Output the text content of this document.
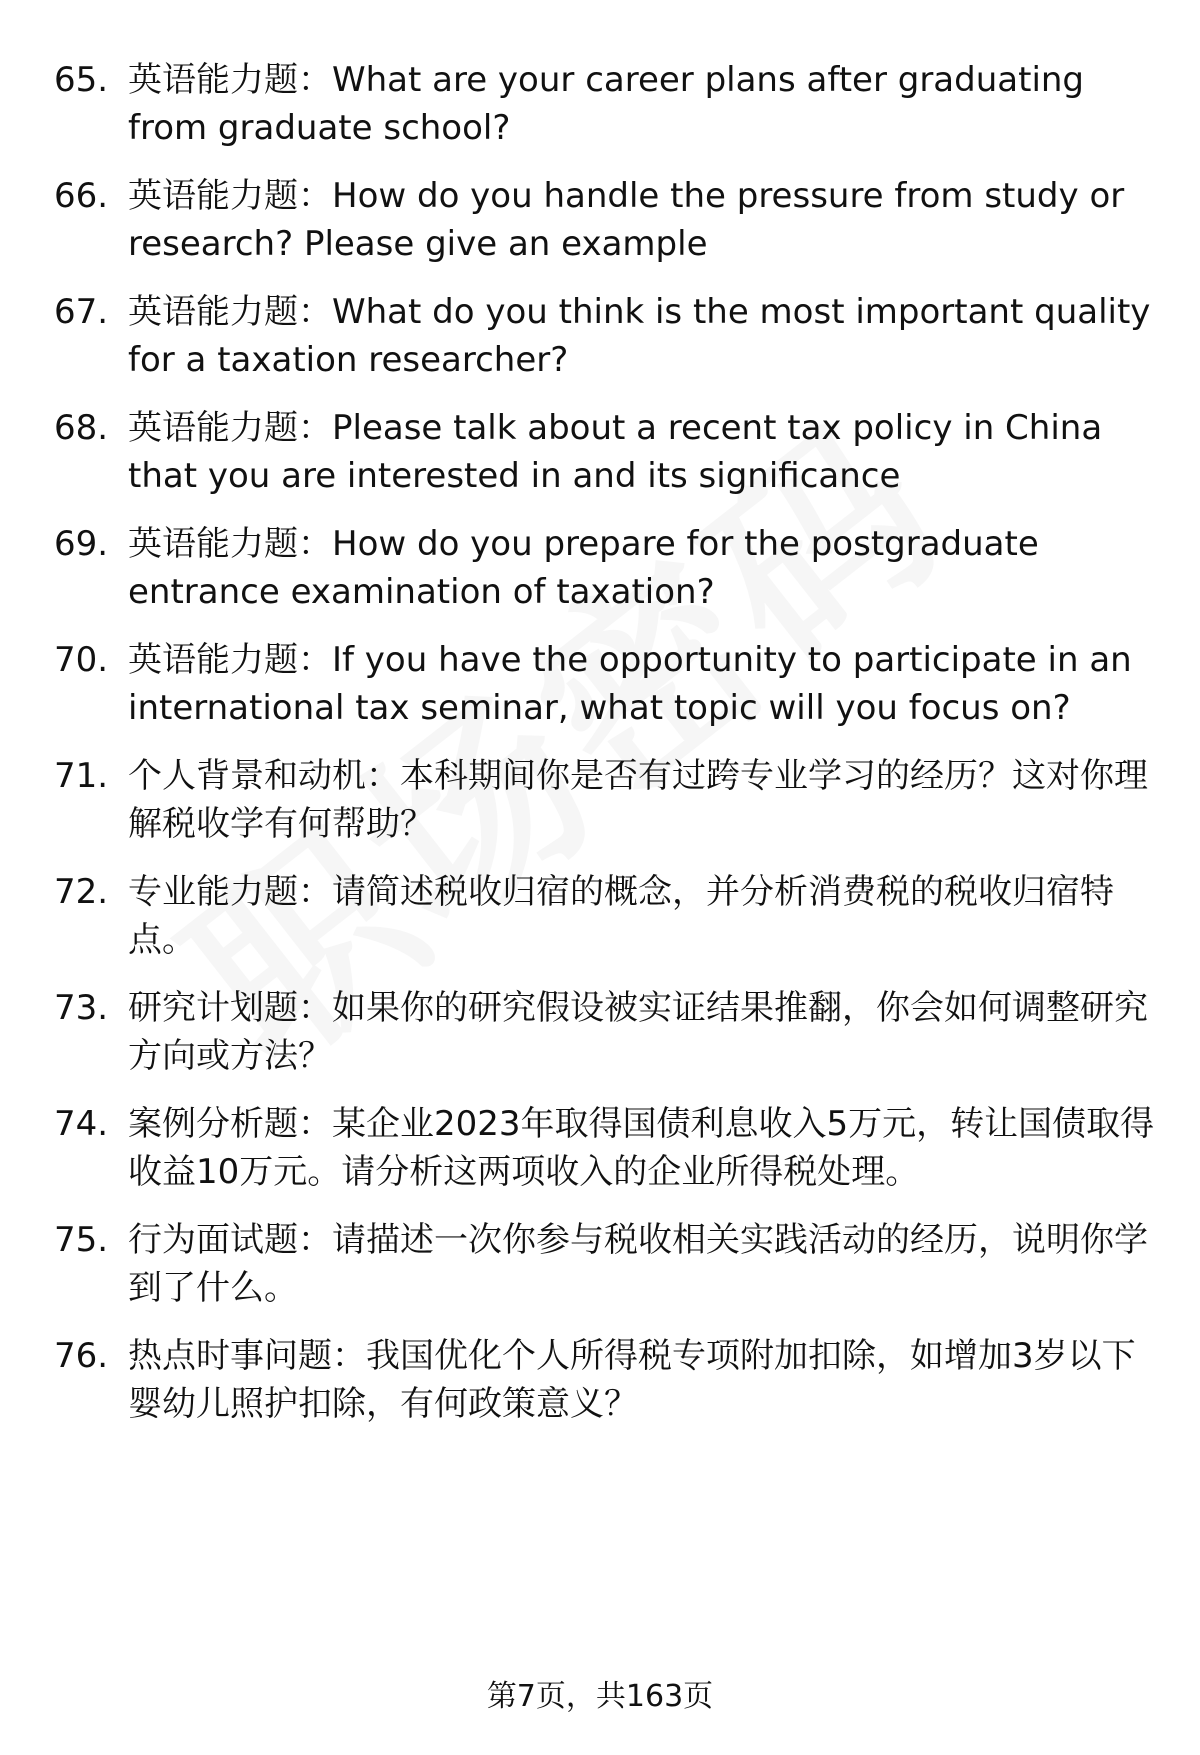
65. 英语能力题：What are your career plans after graduating from graduate school?
66. 英语能力题：How do you handle the pressure from study or research? Please give an example
67. 英语能力题：What do you think is the most important quality for a taxation researcher?
68. 英语能力题：Please talk about a recent tax policy in China that you are interested in and its significance
69. 英语能力题：How do you prepare for the postgraduate entrance examination of taxation?
70. 英语能力题：If you have the opportunity to participate in an international tax seminar, what topic will you focus on?
71. 个人背景和动机：本科期间你是否有过跨专业学习的经历？这对你理解税收学有何帮助？
72. 专业能力题：请简述税收归宿的概念，并分析消费税的税收归宿特点。
73. 研究计划题：如果你的研究假设被实证结果推翻，你会如何调整研究方向或方法？
74. 案例分析题：某企业2023年取得国债利息收入5万元，转让国债取得收益10万元。请分析这两项收入的企业所得税处理。
75. 行为面试题：请描述一次你参与税收相关实践活动的经历，说明你学到了什么。
76. 热点时事问题：我国优化个人所得税专项附加扣除，如增加3岁以下婴幼儿照护扣除，有何政策意义？
第7页，共163页
